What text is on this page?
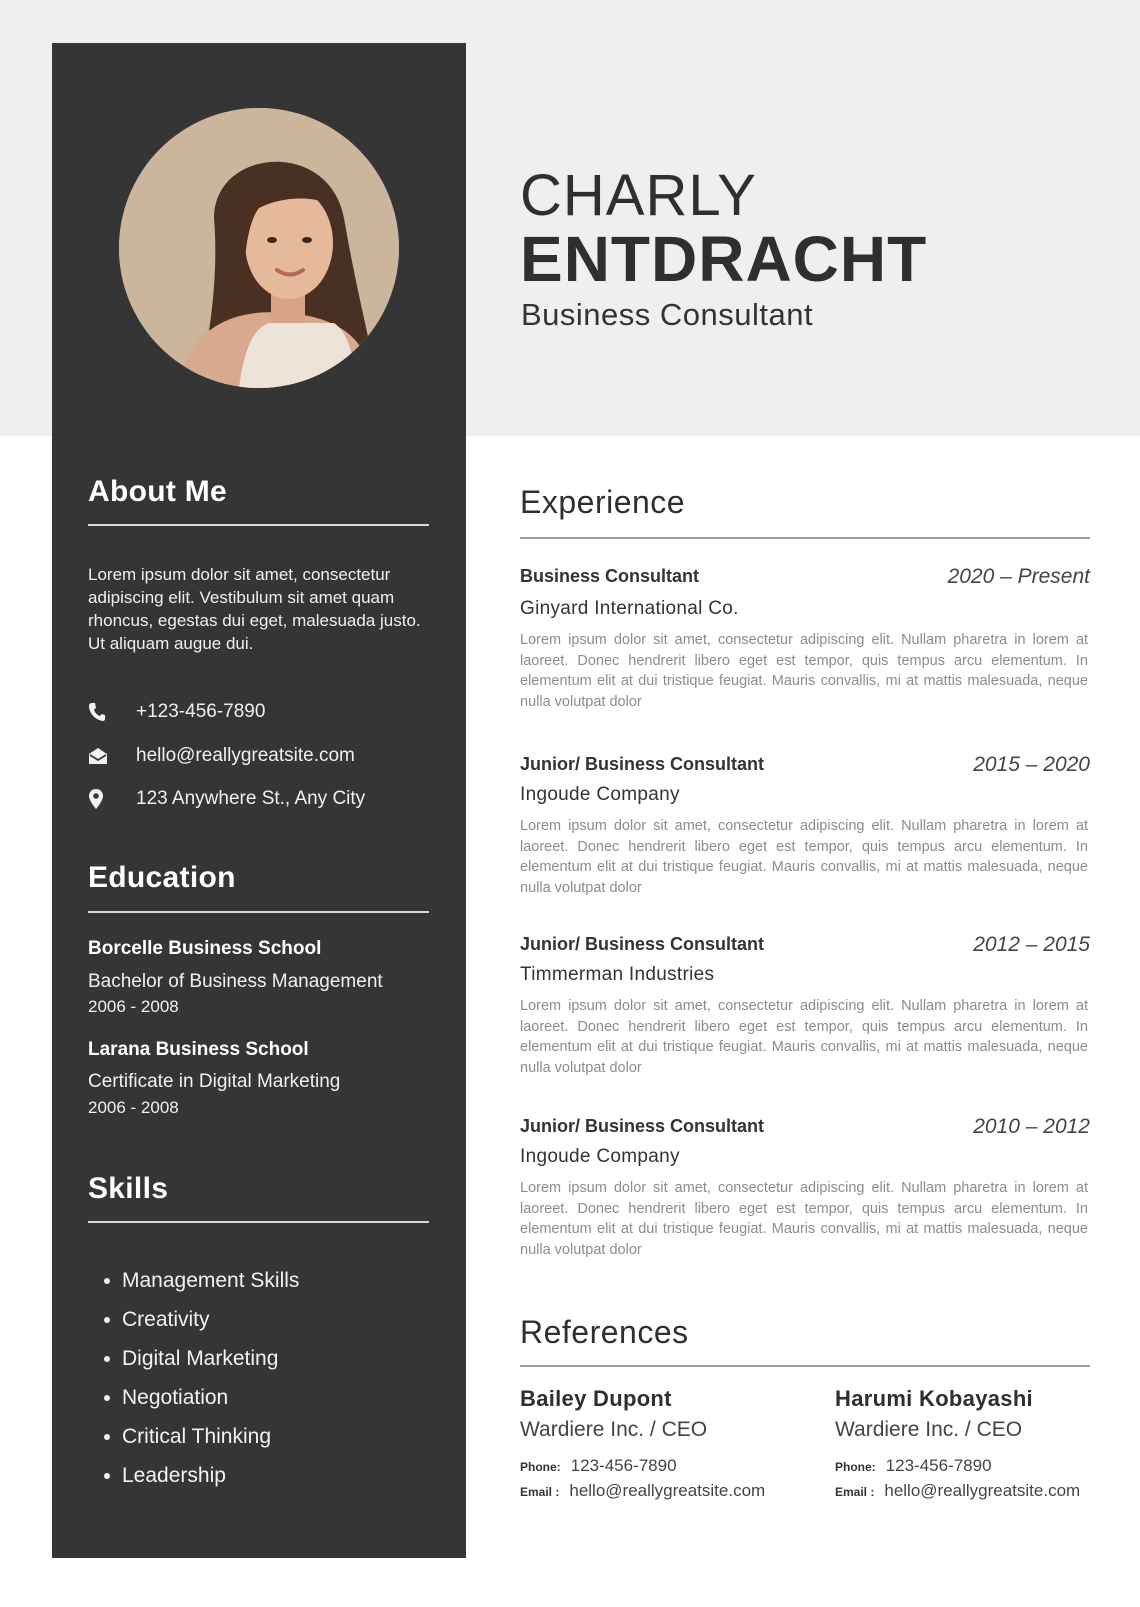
About Me

Lorem ipsum dolor sit amet, consectetur adipiscing elit. Vestibulum sit amet quam rhoncus, egestas dui eget, malesuada justo. Ut aliquam augue dui.

+123-456-7890
hello@reallygreatsite.com
123 Anywhere St., Any City
Education
Borcelle Business School
Bachelor of Business Management
2006 - 2008
Larana Business School
Certificate in Digital Marketing
2006 - 2008
Skills
Management Skills
Creativity
Digital Marketing
Negotiation
Critical Thinking
Leadership
CHARLY
ENTDRACHT
Business Consultant
Experience
Business Consultant	2020 – Present
Ginyard International Co.

Lorem ipsum dolor sit amet, consectetur adipiscing elit. Nullam pharetra in lorem at laoreet. Donec hendrerit libero eget est tempor, quis tempus arcu elementum. In elementum elit at dui tristique feugiat. Mauris convallis, mi at mattis malesuada, neque nulla volutpat dolor

Junior/ Business Consultant	2015 – 2020
Ingoude Company

Lorem ipsum dolor sit amet, consectetur adipiscing elit. Nullam pharetra in lorem at laoreet. Donec hendrerit libero eget est tempor, quis tempus arcu elementum. In elementum elit at dui tristique feugiat. Mauris convallis, mi at mattis malesuada, neque nulla volutpat dolor

Junior/ Business Consultant	2012 – 2015
Timmerman Industries

Lorem ipsum dolor sit amet, consectetur adipiscing elit. Nullam pharetra in lorem at laoreet. Donec hendrerit libero eget est tempor, quis tempus arcu elementum. In elementum elit at dui tristique feugiat. Mauris convallis, mi at mattis malesuada, neque nulla volutpat dolor

Junior/ Business Consultant	2010 – 2012
Ingoude Company

Lorem ipsum dolor sit amet, consectetur adipiscing elit. Nullam pharetra in lorem at laoreet. Donec hendrerit libero eget est tempor, quis tempus arcu elementum. In elementum elit at dui tristique feugiat. Mauris convallis, mi at mattis malesuada, neque nulla volutpat dolor

References
Bailey Dupont
Wardiere Inc. / CEO
Phone: 123-456-7890
Email : hello@reallygreatsite.com
Harumi Kobayashi
Wardiere Inc. / CEO
Phone: 123-456-7890
Email : hello@reallygreatsite.com
